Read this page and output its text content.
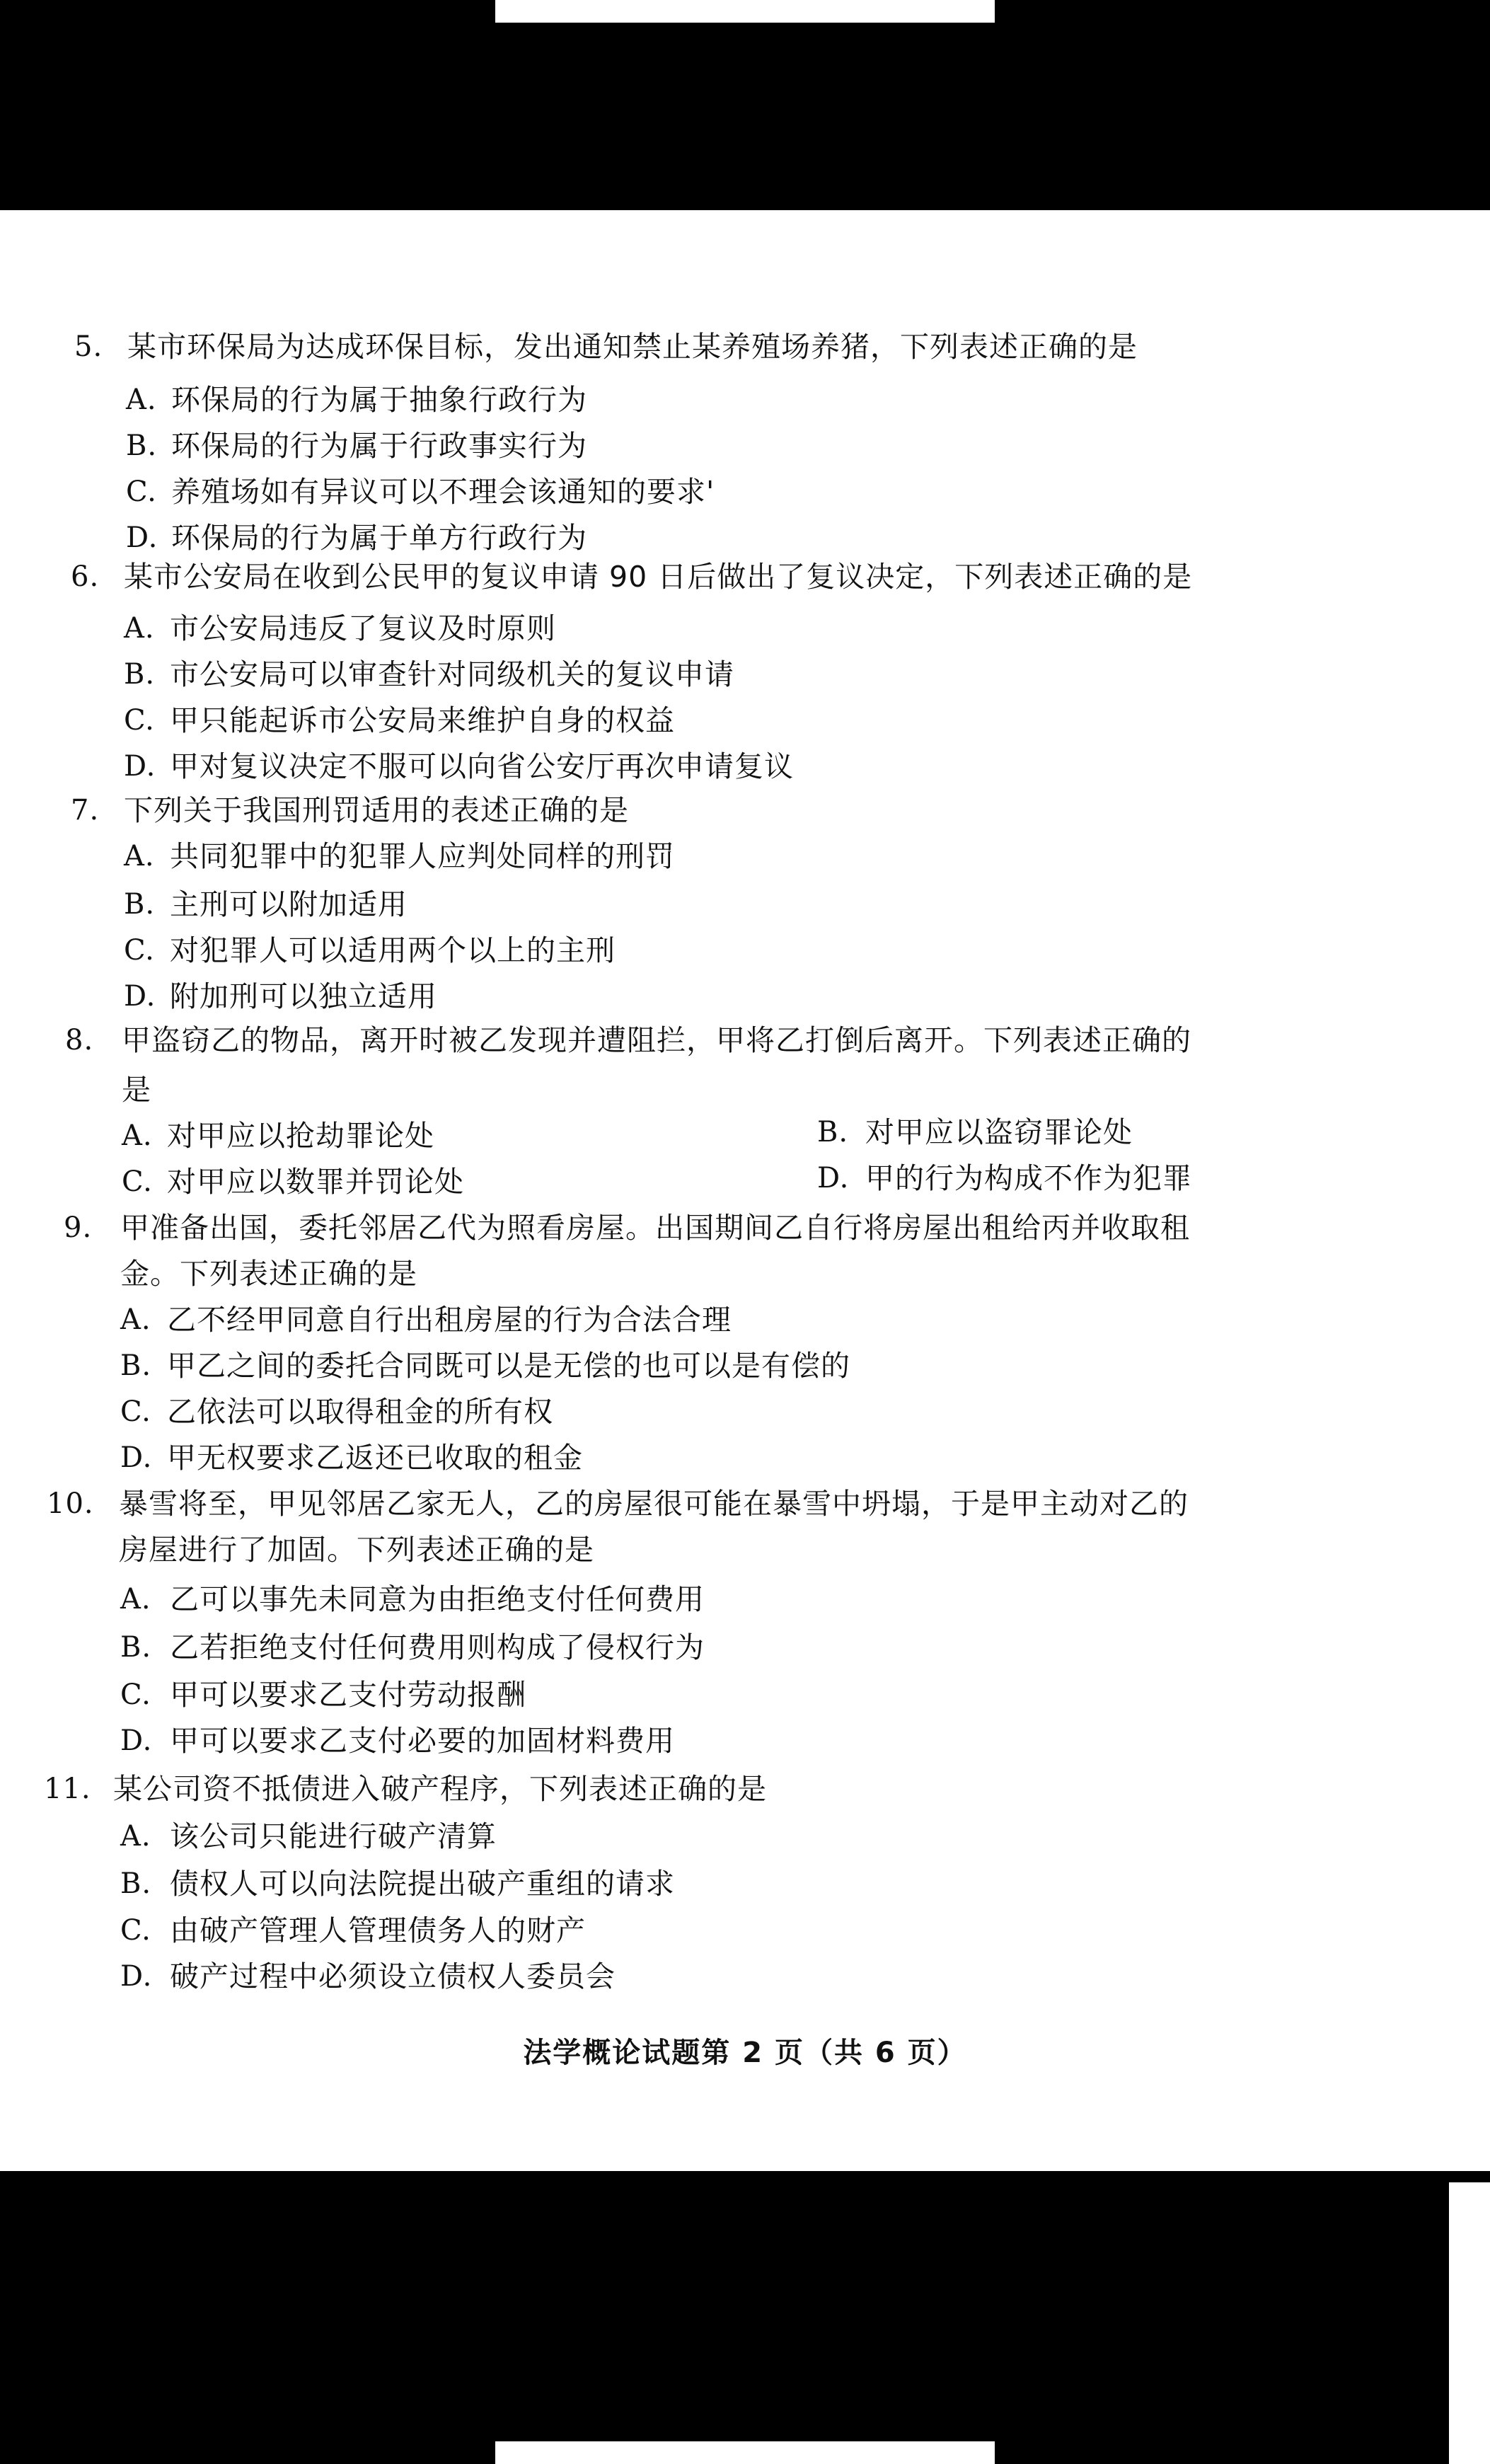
5. 某市环保局为达成环保目标，发出通知禁止某养殖场养猪，下列表述正确的是
A. 环保局的行为属于抽象行政行为
B. 环保局的行为属于行政事实行为
C. 养殖场如有异议可以不理会该通知的要求'
D. 环保局的行为属于单方行政行为
6. 某市公安局在收到公民甲的复议申请 90 日后做出了复议决定，下列表述正确的是
A. 市公安局违反了复议及时原则
B. 市公安局可以审查针对同级机关的复议申请
C. 甲只能起诉市公安局来维护自身的权益
D. 甲对复议决定不服可以向省公安厅再次申请复议
7. 下列关于我国刑罚适用的表述正确的是
A. 共同犯罪中的犯罪人应判处同样的刑罚
B. 主刑可以附加适用
C. 对犯罪人可以适用两个以上的主刑
D. 附加刑可以独立适用
8. 甲盗窃乙的物品，离开时被乙发现并遭阻拦，甲将乙打倒后离开。下列表述正确的
是
A. 对甲应以抢劫罪论处	B. 对甲应以盗窃罪论处
C. 对甲应以数罪并罚论处	D. 甲的行为构成不作为犯罪
9. 甲准备出国，委托邻居乙代为照看房屋。出国期间乙自行将房屋出租给丙并收取租
金。下列表述正确的是
A. 乙不经甲同意自行出租房屋的行为合法合理
B. 甲乙之间的委托合同既可以是无偿的也可以是有偿的
C. 乙依法可以取得租金的所有权
D. 甲无权要求乙返还已收取的租金
10. 暴雪将至，甲见邻居乙家无人，乙的房屋很可能在暴雪中坍塌，于是甲主动对乙的
房屋进行了加固。下列表述正确的是
A. 乙可以事先未同意为由拒绝支付任何费用
B. 乙若拒绝支付任何费用则构成了侵权行为
C. 甲可以要求乙支付劳动报酬
D. 甲可以要求乙支付必要的加固材料费用
11. 某公司资不抵债进入破产程序，下列表述正确的是
A. 该公司只能进行破产清算
B. 债权人可以向法院提出破产重组的请求
C. 由破产管理人管理债务人的财产
D. 破产过程中必须设立债权人委员会
法学概论试题第 2 页（共 6 页）
